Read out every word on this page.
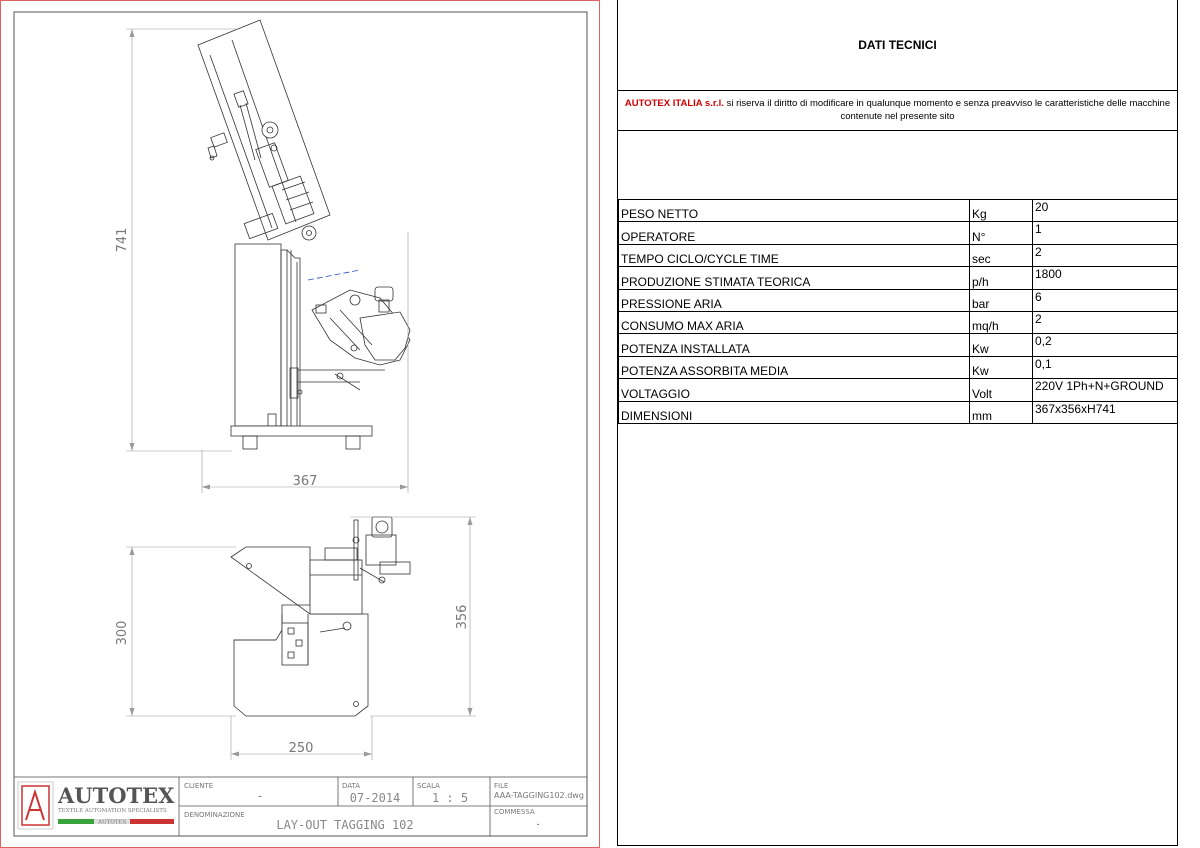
741
367
300
356
250
AUTOTEX
TEXTILE AUTOMATION SPECIALISTS
AUTOTEX
CLIENTE
-
DATA
07-2014
SCALA
1 : 5
FILE
AAA-TAGGING102.dwg
DENOMINAZIONE
LAY-OUT TAGGING 102
COMMESSA
.
DATI TECNICI
AUTOTEX ITALIA s.r.l. si riserva il diritto di modificare in qualunque momento e senza preavviso le caratteristiche delle macchine contenute nel presente sito
PESO NETTO	Kg	20
OPERATORE	N°	1
TEMPO CICLO/CYCLE TIME	sec	2
PRODUZIONE STIMATA TEORICA	p/h	1800
PRESSIONE ARIA	bar	6
CONSUMO MAX ARIA	mq/h	2
POTENZA INSTALLATA	Kw	0,2
POTENZA ASSORBITA MEDIA	Kw	0,1
VOLTAGGIO	Volt	220V 1Ph+N+GROUND
DIMENSIONI	mm	367x356xH741
